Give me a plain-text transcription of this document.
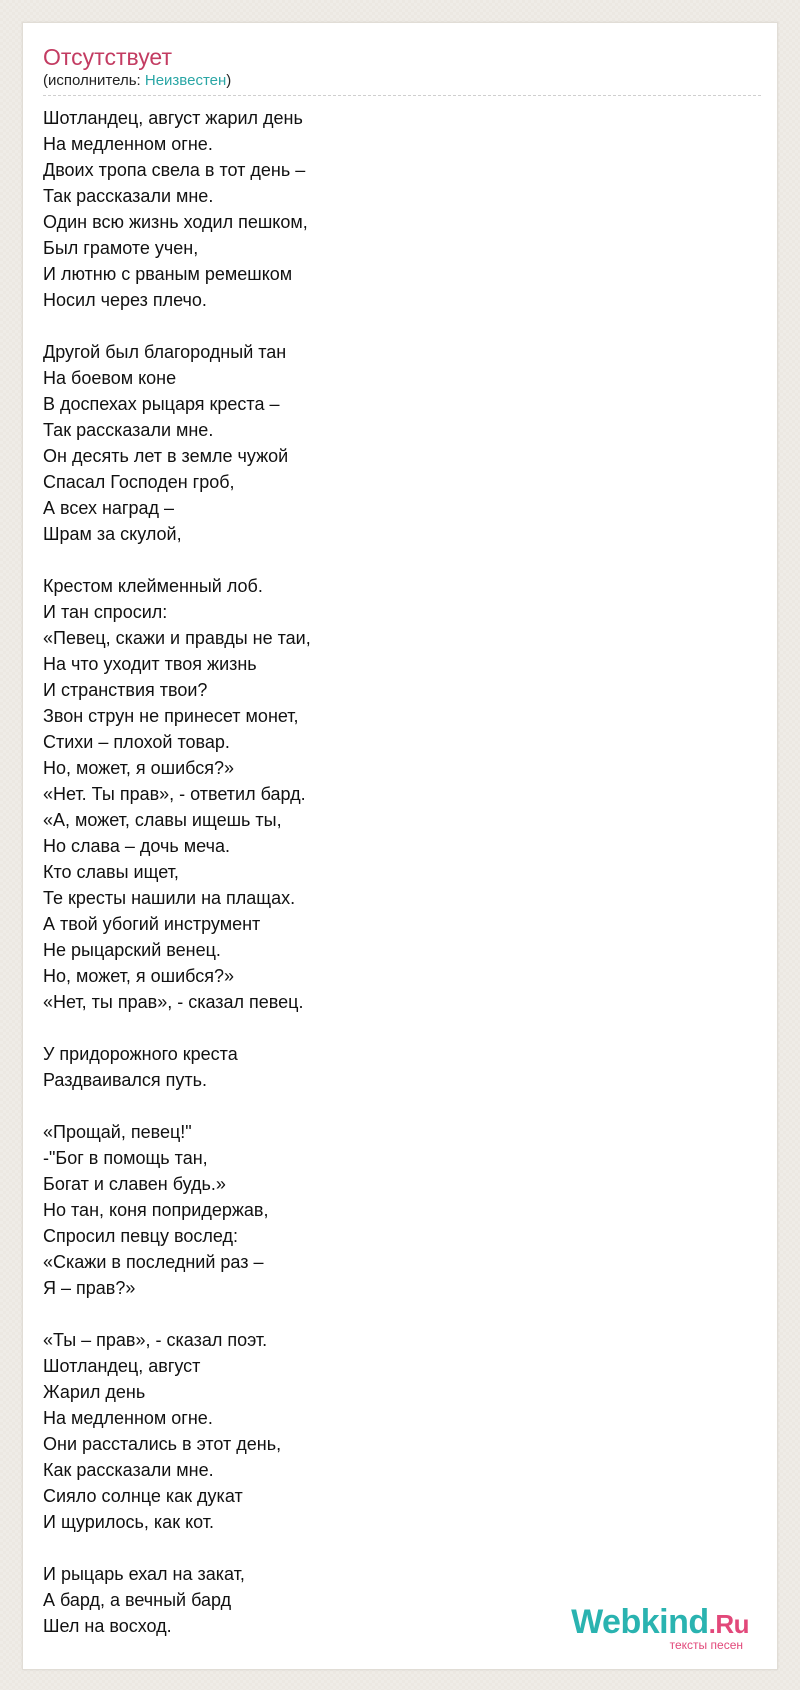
Отсутствует
(исполнитель: Неизвестен)
Шотландец, август жарил день
На медленном огне.
Двоих тропа свела в тот день –
Так рассказали мне.
Один всю жизнь ходил пешком,
Был грамоте учен,
И лютню с рваным ремешком
Носил через плечо.
Другой был благородный тан
На боевом коне
В доспехах рыцаря креста –
Так рассказали мне.
Он десять лет в земле чужой
Спасал Господен гроб,
А всех наград –
Шрам за скулой,
Крестом клейменный лоб.
И тан спросил:
«Певец, скажи и правды не таи,
На что уходит твоя жизнь
И странствия твои?
Звон струн не принесет монет,
Стихи – плохой товар.
Но, может, я ошибся?»
«Нет. Ты прав», - ответил бард.
«А, может, славы ищешь ты,
Но слава – дочь меча.
Кто славы ищет,
Те кресты нашили на плащах.
А твой убогий инструмент
Не рыцарский венец.
Но, может, я ошибся?»
«Нет, ты прав», - сказал певец.
У придорожного креста
Раздваивался путь.
«Прощай, певец!"
-"Бог в помощь тан,
Богат и славен будь.»
Но тан, коня попридержав,
Спросил певцу вослед:
«Скажи в последний раз –
Я – прав?»
«Ты – прав», - сказал поэт.
Шотландец, август
Жарил день
На медленном огне.
Они расстались в этот день,
Как рассказали мне.
Сияло солнце как дукат
И щурилось, как кот.
И рыцарь ехал на закат,
А бард, а вечный бард
Шел на восход.	Webkind.Ru
тексты песен
